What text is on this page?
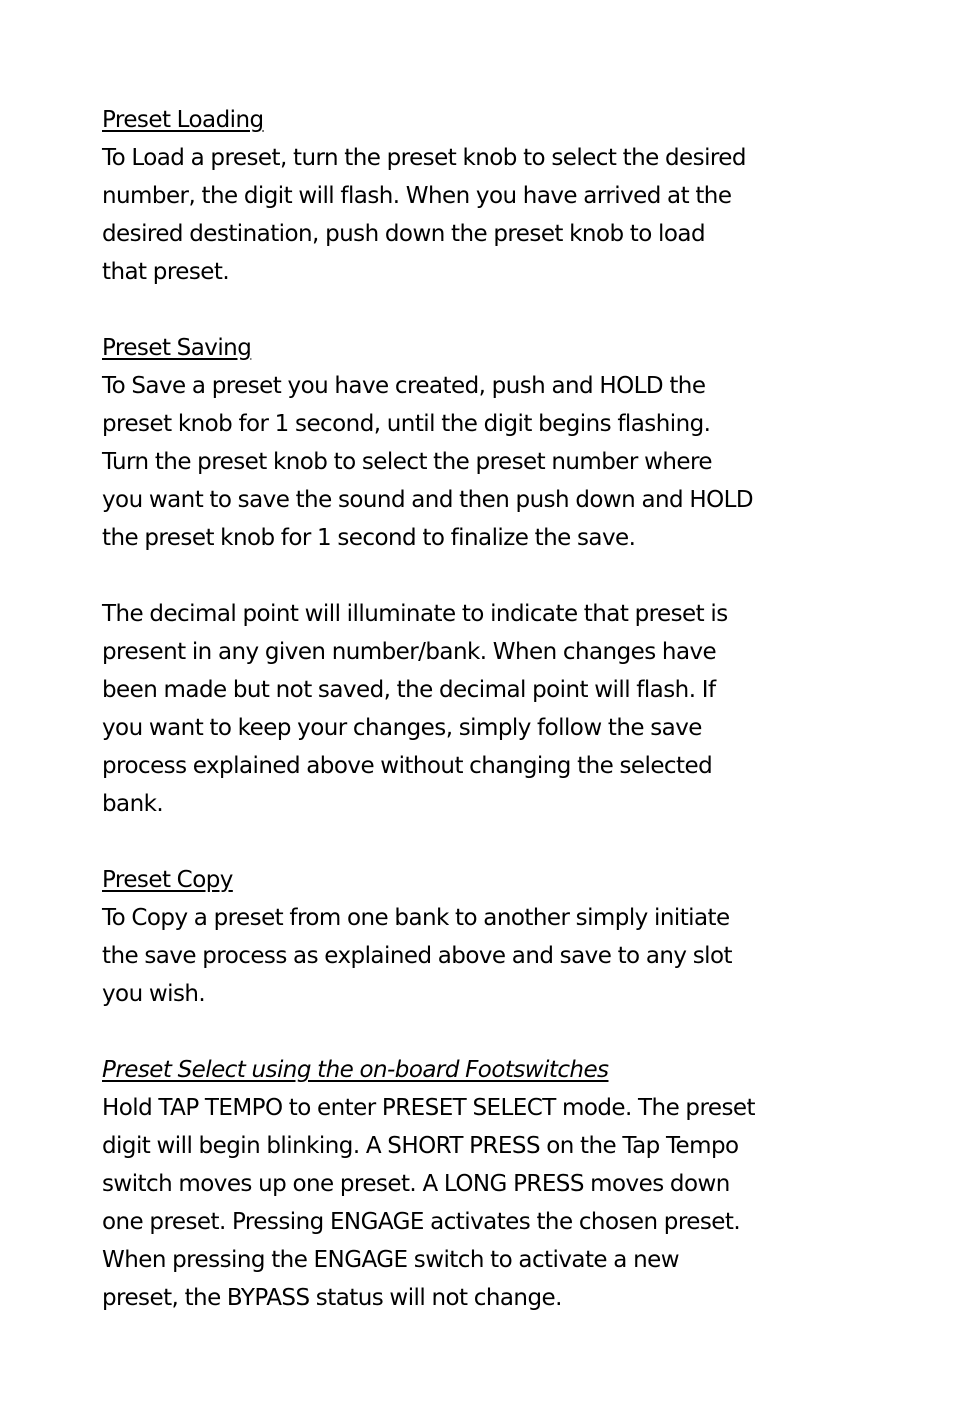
Preset Loading
To Load a preset, turn the preset knob to select the desired
number, the digit will flash. When you have arrived at the
desired destination, push down the preset knob to load
that preset.
Preset Saving
To Save a preset you have created, push and HOLD the
preset knob for 1 second, until the digit begins flashing.
Turn the preset knob to select the preset number where
you want to save the sound and then push down and HOLD
the preset knob for 1 second to finalize the save.
The decimal point will illuminate to indicate that preset is
present in any given number/bank. When changes have
been made but not saved, the decimal point will flash. If
you want to keep your changes, simply follow the save
process explained above without changing the selected
bank.
Preset Copy
To Copy a preset from one bank to another simply initiate
the save process as explained above and save to any slot
you wish.
Preset Select using the on-board Footswitches
Hold TAP TEMPO to enter PRESET SELECT mode. The preset
digit will begin blinking. A SHORT PRESS on the Tap Tempo
switch moves up one preset. A LONG PRESS moves down
one preset. Pressing ENGAGE activates the chosen preset.
When pressing the ENGAGE switch to activate a new
preset, the BYPASS status will not change.
